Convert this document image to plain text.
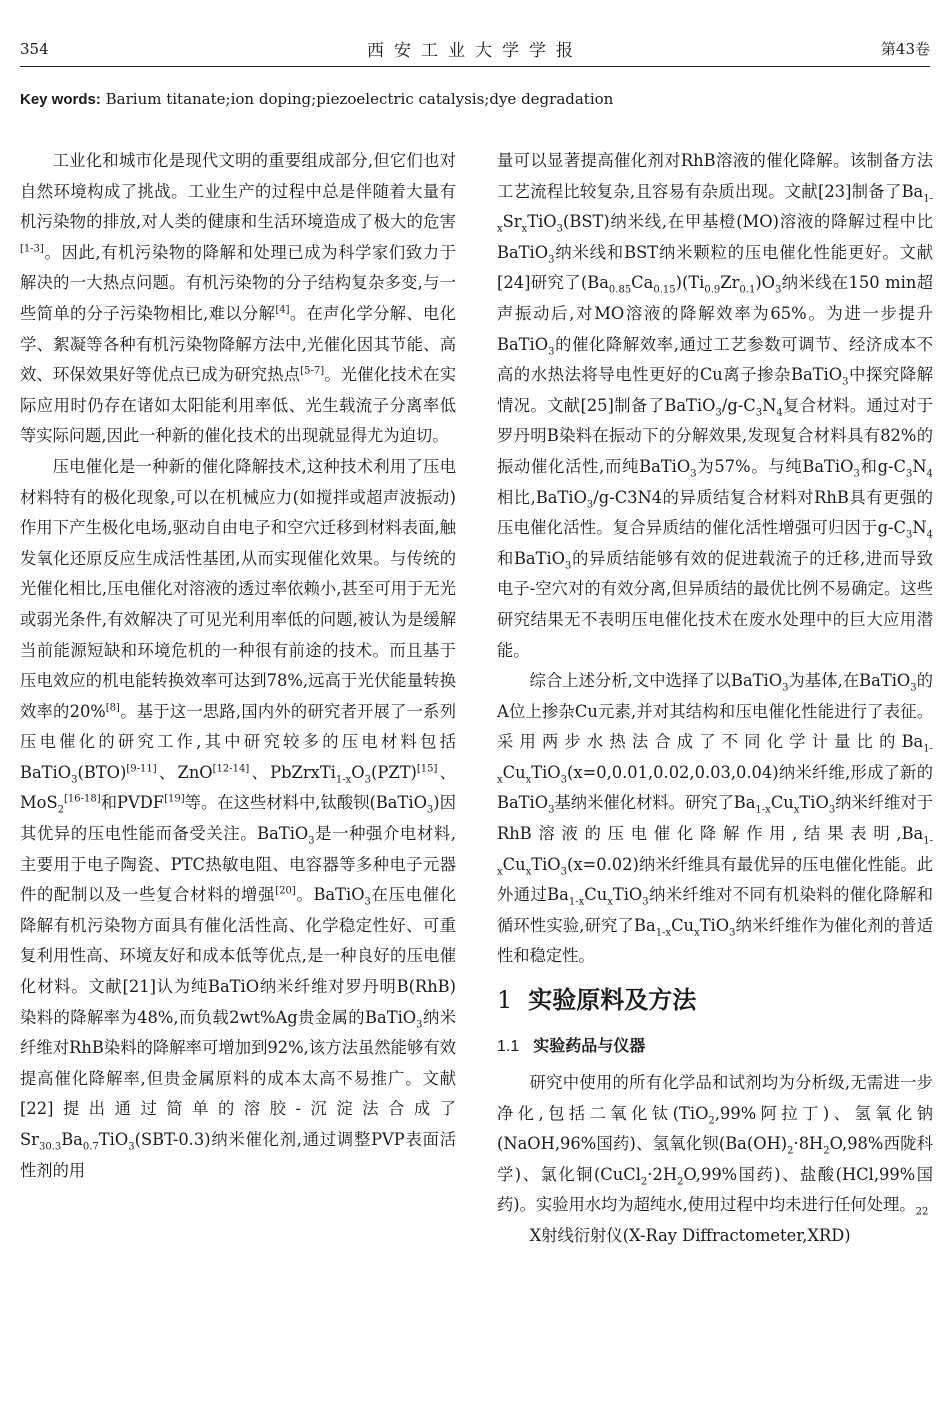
354	西安工业大学学报	第43卷
Key words: Barium titanate;ion doping;piezoelectric catalysis;dye degradation

工业化和城市化是现代文明的重要组成部分,但它们也对自然环境构成了挑战。工业生产的过程中总是伴随着大量有机污染物的排放,对人类的健康和生活环境造成了极大的危害[1-3]。因此,有机污染物的降解和处理已成为科学家们致力于解决的一大热点问题。有机污染物的分子结构复杂多变,与一些简单的分子污染物相比,难以分解[4]。在声化学分解、电化学、絮凝等各种有机污染物降解方法中,光催化因其节能、高效、环保效果好等优点已成为研究热点[5-7]。光催化技术在实际应用时仍存在诸如太阳能利用率低、光生载流子分离率低等实际问题,因此一种新的催化技术的出现就显得尤为迫切。

压电催化是一种新的催化降解技术,这种技术利用了压电材料特有的极化现象,可以在机械应力(如搅拌或超声波振动)作用下产生极化电场,驱动自由电子和空穴迁移到材料表面,触发氧化还原反应生成活性基团,从而实现催化效果。与传统的光催化相比,压电催化对溶液的透过率依赖小,甚至可用于无光或弱光条件,有效解决了可见光利用率低的问题,被认为是缓解当前能源短缺和环境危机的一种很有前途的技术。而且基于压电效应的机电能转换效率可达到78%,远高于光伏能量转换效率的20%[8]。基于这一思路,国内外的研究者开展了一系列压电催化的研究工作,其中研究较多的压电材料包括BaTiO$_3$(BTO)[9-11]、ZnO[12-14]、$PbZrxTi_{1-x}O_3(PZT)[15]$、MoS$_2$[16-18]和PVDF[19]等。在这些材料中,钛酸钡(BaTiO$_3$)因其优异的压电性能而备受关注。BaTiO$_3$是一种强介电材料,主要用于电子陶瓷、PTC热敏电阻、电容器等多种电子元器件的配制以及一些复合材料的增强[20]。BaTiO$_3$在压电催化降解有机污染物方面具有催化活性高、化学稳定性好、可重复利用性高、环境友好和成本低等优点,是一种良好的压电催化材料。文献[21]认为纯BaTiO纳米纤维对罗丹明B(RhB)染料的降解率为48%,而负载2wt%Ag贵金属的BaTiO$_3$纳米纤维对RhB染料的降解率可增加到92%,该方法虽然能够有效提高催化降解率,但贵金属原料的成本太高不易推广。文献[22]提出通过简单的溶胶-沉淀法合成了$Sr_{30.3}Ba_{0.7}TiO_3(SBT-0.3)$纳米催化剂,通过调整PVP表面活性剂的用

量可以显著提高催化剂对RhB溶液的催化降解。该制备方法工艺流程比较复杂,且容易有杂质出现。文献[23]制备了$Ba_{1-x}Sr_xTiO_3(BST)$纳米线,在甲基橙(MO)溶液的降解过程中比BaTiO$_3$纳米线和BST纳米颗粒的压电催化性能更好。文献[24]研究了$(Ba_{0.85}Ca_{0.15})(Ti_{0.9}Zr_{0.1})O_3$纳米线在150 min超声振动后,对MO溶液的降解效率为65%。为进一步提升BaTiO$_3$的催化降解效率,通过工艺参数可调节、经济成本不高的水热法将导电性更好的Cu离子掺杂BaTiO$_3$中探究降解情况。文献[25]制备了$BaTiO_3/g-C_3N_4$复合材料。通过对于罗丹明B染料在振动下的分解效果,发现复合材料具有82%的振动催化活性,而纯BaTiO$_3$为57%。与纯BaTiO$_3$和$g-C_3N_4$相比,BaTiO$_3$/g-C3N4的异质结复合材料对RhB具有更强的压电催化活性。复合异质结的催化活性增强可归因于$g-C_3N_4$和BaTiO$_3$的异质结能够有效的促进载流子的迁移,进而导致电子-空穴对的有效分离,但异质结的最优比例不易确定。这些研究结果无不表明压电催化技术在废水处理中的巨大应用潜能。

综合上述分析,文中选择了以BaTiO$_3$为基体,在BaTiO$_3$的A位上掺杂Cu元素,并对其结构和压电催化性能进行了表征。采用两步水热法合成了不同化学计量比的$Ba_{1-x}Cu_xTiO_3(x=0,0.01,0.02,0.03,0.04)$纳米纤维,形成了新的BaTiO$_3$基纳米催化材料。研究了$Ba_{1-x}Cu_xTiO_3$纳米纤维对于RhB溶液的压电催化降解作用,结果表明$,Ba_{1-x}Cu_xTiO_3(x=0.02)$纳米纤维具有最优异的压电催化性能。此外通过$Ba_{1-x}Cu_xTiO_3$纳米纤维对不同有机染料的催化降解和循环性实验,研究了$Ba_{1-x}Cu_xTiO_3$纳米纤维作为催化剂的普适性和稳定性。

1 实验原料及方法
1.1 实验药品与仪器

研究中使用的所有化学品和试剂均为分析级,无需进一步净化,包括二氧化钛(TiO$_2$,99%阿拉丁)、氢氧化钠(NaOH,96%国药)、氢氧化钡($Ba(OH)_2\cdot 8H_2O,98\%$西陇科学)、氯化铜($CuCl_2\cdot 2H_2O,99\%$国药)、盐酸(HCl,99%国药)。实验用水均为超纯水,使用过程中均未进行任何处理。$_{22}$

X射线衍射仪(X-Ray Diffractometer,XRD)
